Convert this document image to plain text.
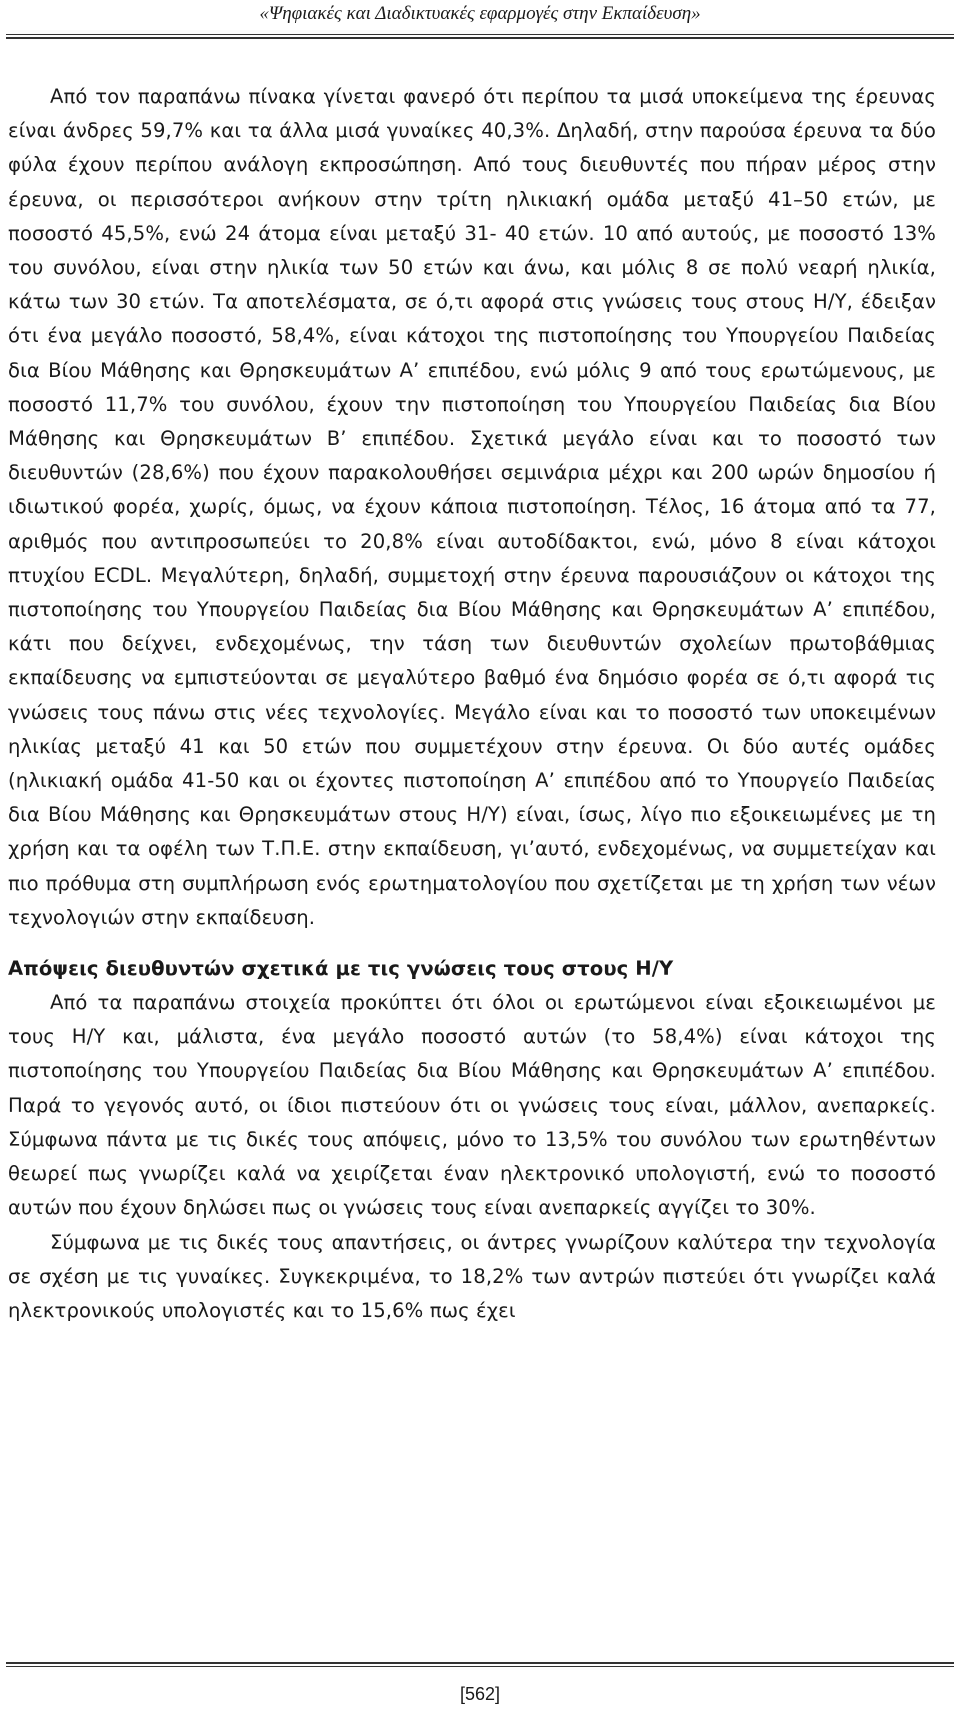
«Ψηφιακές και Διαδικτυακές εφαρμογές στην Εκπαίδευση»

Από τον παραπάνω πίνακα γίνεται φανερό ότι περίπου τα μισά υποκείμενα της έρευνας είναι άνδρες 59,7% και τα άλλα μισά γυναίκες 40,3%. Δηλαδή, στην παρούσα έρευνα τα δύο φύλα έχουν περίπου ανάλογη εκπροσώπηση. Από τους διευθυντές που πήραν μέρος στην έρευνα, οι περισσότεροι ανήκουν στην τρίτη ηλικιακή ομάδα μεταξύ 41–50 ετών, με ποσοστό 45,5%, ενώ 24 άτομα είναι μεταξύ 31- 40 ετών. 10 από αυτούς, με ποσοστό 13% του συνόλου, είναι στην ηλικία των 50 ετών και άνω, και μόλις 8 σε πολύ νεαρή ηλικία, κάτω των 30 ετών. Τα αποτελέσματα, σε ό,τι αφορά στις γνώσεις τους στους Η/Υ, έδειξαν ότι ένα μεγάλο ποσοστό, 58,4%, είναι κάτοχοι της πιστοποίησης του Υπουργείου Παιδείας δια Βίου Μάθησης και Θρησκευμάτων Α’ επιπέδου, ενώ μόλις 9 από τους ερωτώμενους, με ποσοστό 11,7% του συνόλου, έχουν την πιστοποίηση του Υπουργείου Παιδείας δια Βίου Μάθησης και Θρησκευμάτων Β’ επιπέδου. Σχετικά μεγάλο είναι και το ποσοστό των διευθυντών (28,6%) που έχουν παρακολουθήσει σεμινάρια μέχρι και 200 ωρών δημοσίου ή ιδιωτικού φορέα, χωρίς, όμως, να έχουν κάποια πιστοποίηση. Τέλος, 16 άτομα από τα 77, αριθμός που αντιπροσωπεύει το 20,8% είναι αυτοδίδακτοι, ενώ, μόνο 8 είναι κάτοχοι πτυχίου ECDL. Μεγαλύτερη, δηλαδή, συμμετοχή στην έρευνα παρουσιάζουν οι κάτοχοι της πιστοποίησης του Υπουργείου Παιδείας δια Βίου Μάθησης και Θρησκευμάτων Α’ επιπέδου, κάτι που δείχνει, ενδεχομένως, την τάση των διευθυντών σχολείων πρωτοβάθμιας εκπαίδευσης να εμπιστεύονται σε μεγαλύτερο βαθμό ένα δημόσιο φορέα σε ό,τι αφορά τις γνώσεις τους πάνω στις νέες τεχνολογίες. Μεγάλο είναι και το ποσοστό των υποκειμένων ηλικίας μεταξύ 41 και 50 ετών που συμμετέχουν στην έρευνα. Οι δύο αυτές ομάδες (ηλικιακή ομάδα 41-50 και οι έχοντες πιστοποίηση Α’ επιπέδου από το Υπουργείο Παιδείας δια Βίου Μάθησης και Θρησκευμάτων στους Η/Υ) είναι, ίσως, λίγο πιο εξοικειωμένες με τη χρήση και τα οφέλη των Τ.Π.Ε. στην εκπαίδευση, γι’αυτό, ενδεχομένως, να συμμετείχαν και πιο πρόθυμα στη συμπλήρωση ενός ερωτηματολογίου που σχετίζεται με τη χρήση των νέων τεχνολογιών στην εκπαίδευση.

Απόψεις διευθυντών σχετικά με τις γνώσεις τους στους Η/Υ

Από τα παραπάνω στοιχεία προκύπτει ότι όλοι οι ερωτώμενοι είναι εξοικειωμένοι με τους Η/Υ και, μάλιστα, ένα μεγάλο ποσοστό αυτών (το 58,4%) είναι κάτοχοι της πιστοποίησης του Υπουργείου Παιδείας δια Βίου Μάθησης και Θρησκευμάτων Α’ επιπέδου. Παρά το γεγονός αυτό, οι ίδιοι πιστεύουν ότι οι γνώσεις τους είναι, μάλλον, ανεπαρκείς. Σύμφωνα πάντα με τις δικές τους απόψεις, μόνο το 13,5% του συνόλου των ερωτηθέντων θεωρεί πως γνωρίζει καλά να χειρίζεται έναν ηλεκτρονικό υπολογιστή, ενώ το ποσοστό αυτών που έχουν δηλώσει πως οι γνώσεις τους είναι ανεπαρκείς αγγίζει το 30%.

Σύμφωνα με τις δικές τους απαντήσεις, οι άντρες γνωρίζουν καλύτερα την τεχνολογία σε σχέση με τις γυναίκες. Συγκεκριμένα, το 18,2% των αντρών πιστεύει ότι γνωρίζει καλά ηλεκτρονικούς υπολογιστές και το 15,6% πως έχει

[562]
